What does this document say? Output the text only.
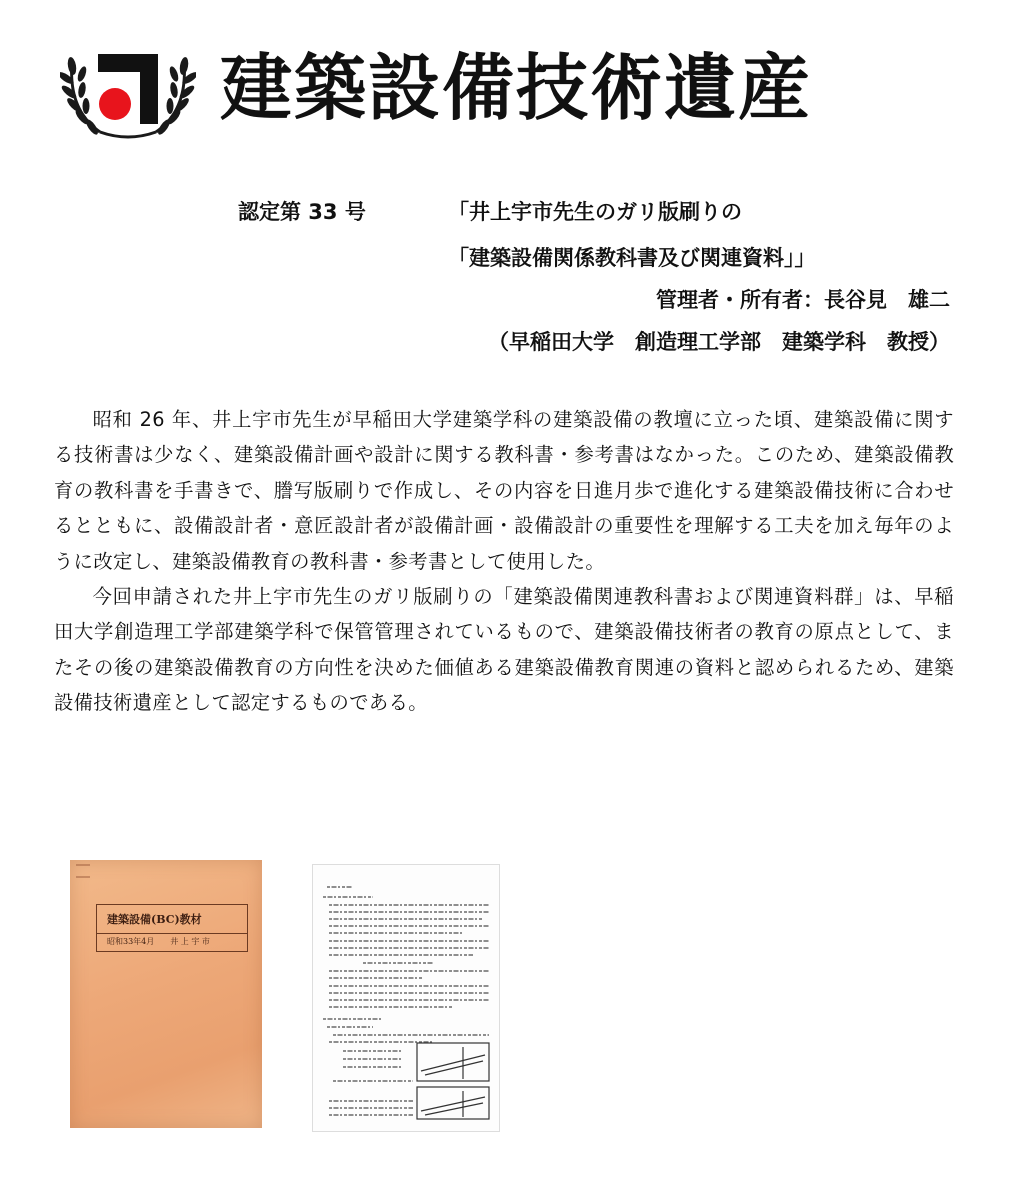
建築設備技術遺産
認定第 33 号	「井上宇市先生のガリ版刷りの
「建築設備関係教科書及び関連資料」」
管理者・所有者：長谷見　雄二
（早稲田大学　創造理工学部　建築学科　教授）

昭和 26 年、井上宇市先生が早稲田大学建築学科の建築設備の教壇に立った頃、建築設備に関する技術書は少なく、建築設備計画や設計に関する教科書・参考書はなかった。このため、建築設備教育の教科書を手書きで、謄写版刷りで作成し、その内容を日進月歩で進化する建築設備技術に合わせるとともに、設備設計者・意匠設計者が設備計画・設備設計の重要性を理解する工夫を加え毎年のように改定し、建築設備教育の教科書・参考書として使用した。

今回申請された井上宇市先生のガリ版刷りの「建築設備関連教科書および関連資料群」は、早稲田大学創造理工学部建築学科で保管管理されているもので、建築設備技術者の教育の原点として、またその後の建築設備教育の方向性を決めた価値ある建築設備教育関連の資料と認められるため、建築設備技術遺産として認定するものである。

建築設備(BC)教材
昭和33年4月　　井 上 宇 市
